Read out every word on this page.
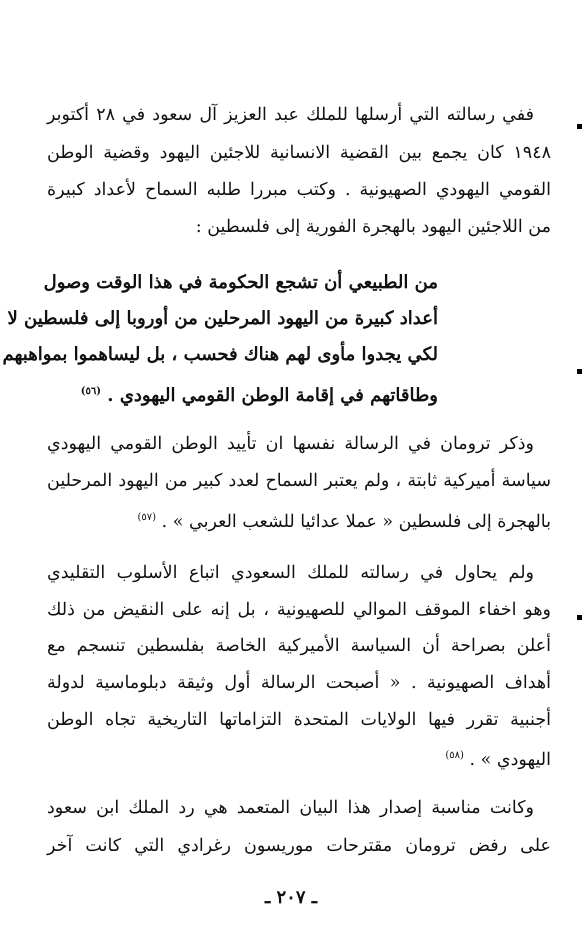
ففي رسالته التي أرسلها للملك عبد العزيز آل سعود في ٢٨ أكتوبر
١٩٤٨ كان يجمع بين القضية الانسانية للاجئين اليهود وقضية الوطن
القومي اليهودي الصهيونية . وكتب مبررا طلبه السماح لأعداد كبيرة
من اللاجئين اليهود بالهجرة الفورية إلى فلسطين :
من الطبيعي أن تشجع الحكومة في هذا الوقت وصول
أعداد كبيرة من اليهود المرحلين من أوروبا إلى فلسطين لا
لكي يجدوا مأوى لهم هناك فحسب ، بل ليساهموا بمواهبهم
وطاقاتهم في إقامة الوطن القومي اليهودي . $^{(٥٦)}$
وذكر ترومان في الرسالة نفسها ان تأييد الوطن القومي اليهودي
سياسة أميركية ثابتة ، ولم يعتبر السماح لعدد كبير من اليهود المرحلين
بالهجرة إلى فلسطين « عملا عدائيا للشعب العربي » . $^{(٥٧)}$
ولم يحاول في رسالته للملك السعودي اتباع الأسلوب التقليدي
وهو اخفاء الموقف الموالي للصهيونية ، بل إنه على النقيض من ذلك
أعلن بصراحة أن السياسة الأميركية الخاصة بفلسطين تنسجم مع
أهداف الصهيونية . « أصبحت الرسالة أول وثيقة دبلوماسية لدولة
أجنبية تقرر فيها الولايات المتحدة التزاماتها التاريخية تجاه الوطن
اليهودي » . $^{(٥٨)}$
وكانت مناسبة إصدار هذا البيان المتعمد هي رد الملك ابن سعود
على رفض ترومان مقترحات موريسون رغرادي التي كانت آخر
ـ ٢٠٧ ـ
